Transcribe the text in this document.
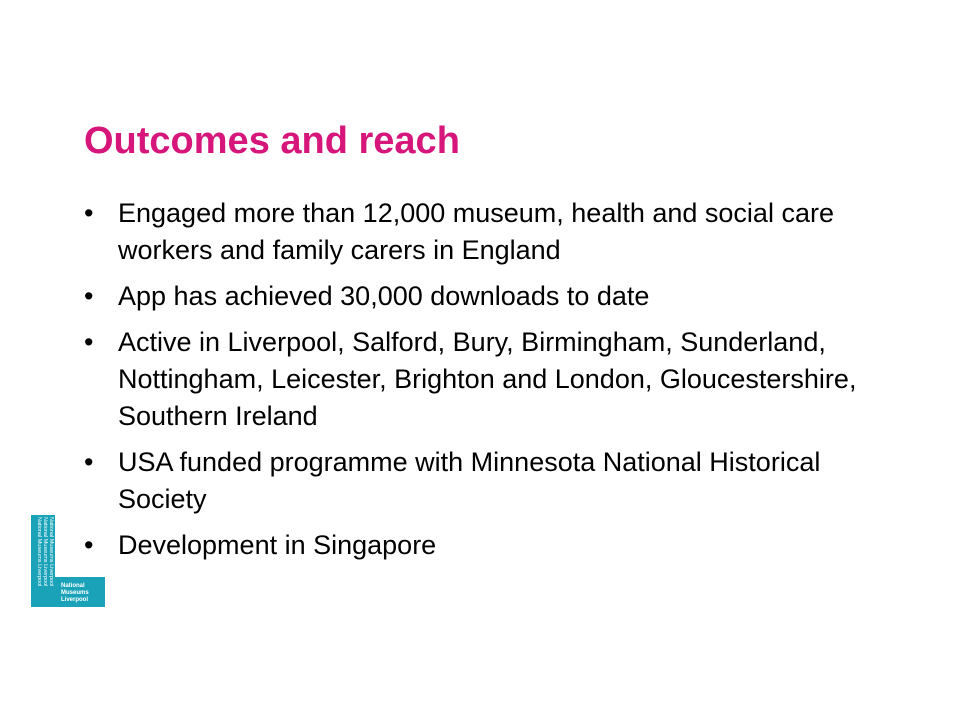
Outcomes and reach
• Engaged more than 12,000 museum, health and social care workers and family carers in England
• App has achieved 30,000 downloads to date
• Active in Liverpool, Salford, Bury, Birmingham, Sunderland, Nottingham, Leicester, Brighton and London, Gloucestershire, Southern Ireland
• USA funded programme with Minnesota National Historical Society
• Development in Singapore
National Museums Liverpool National Museums Liverpool National Museums Liverpool National
Museums
Liverpool
